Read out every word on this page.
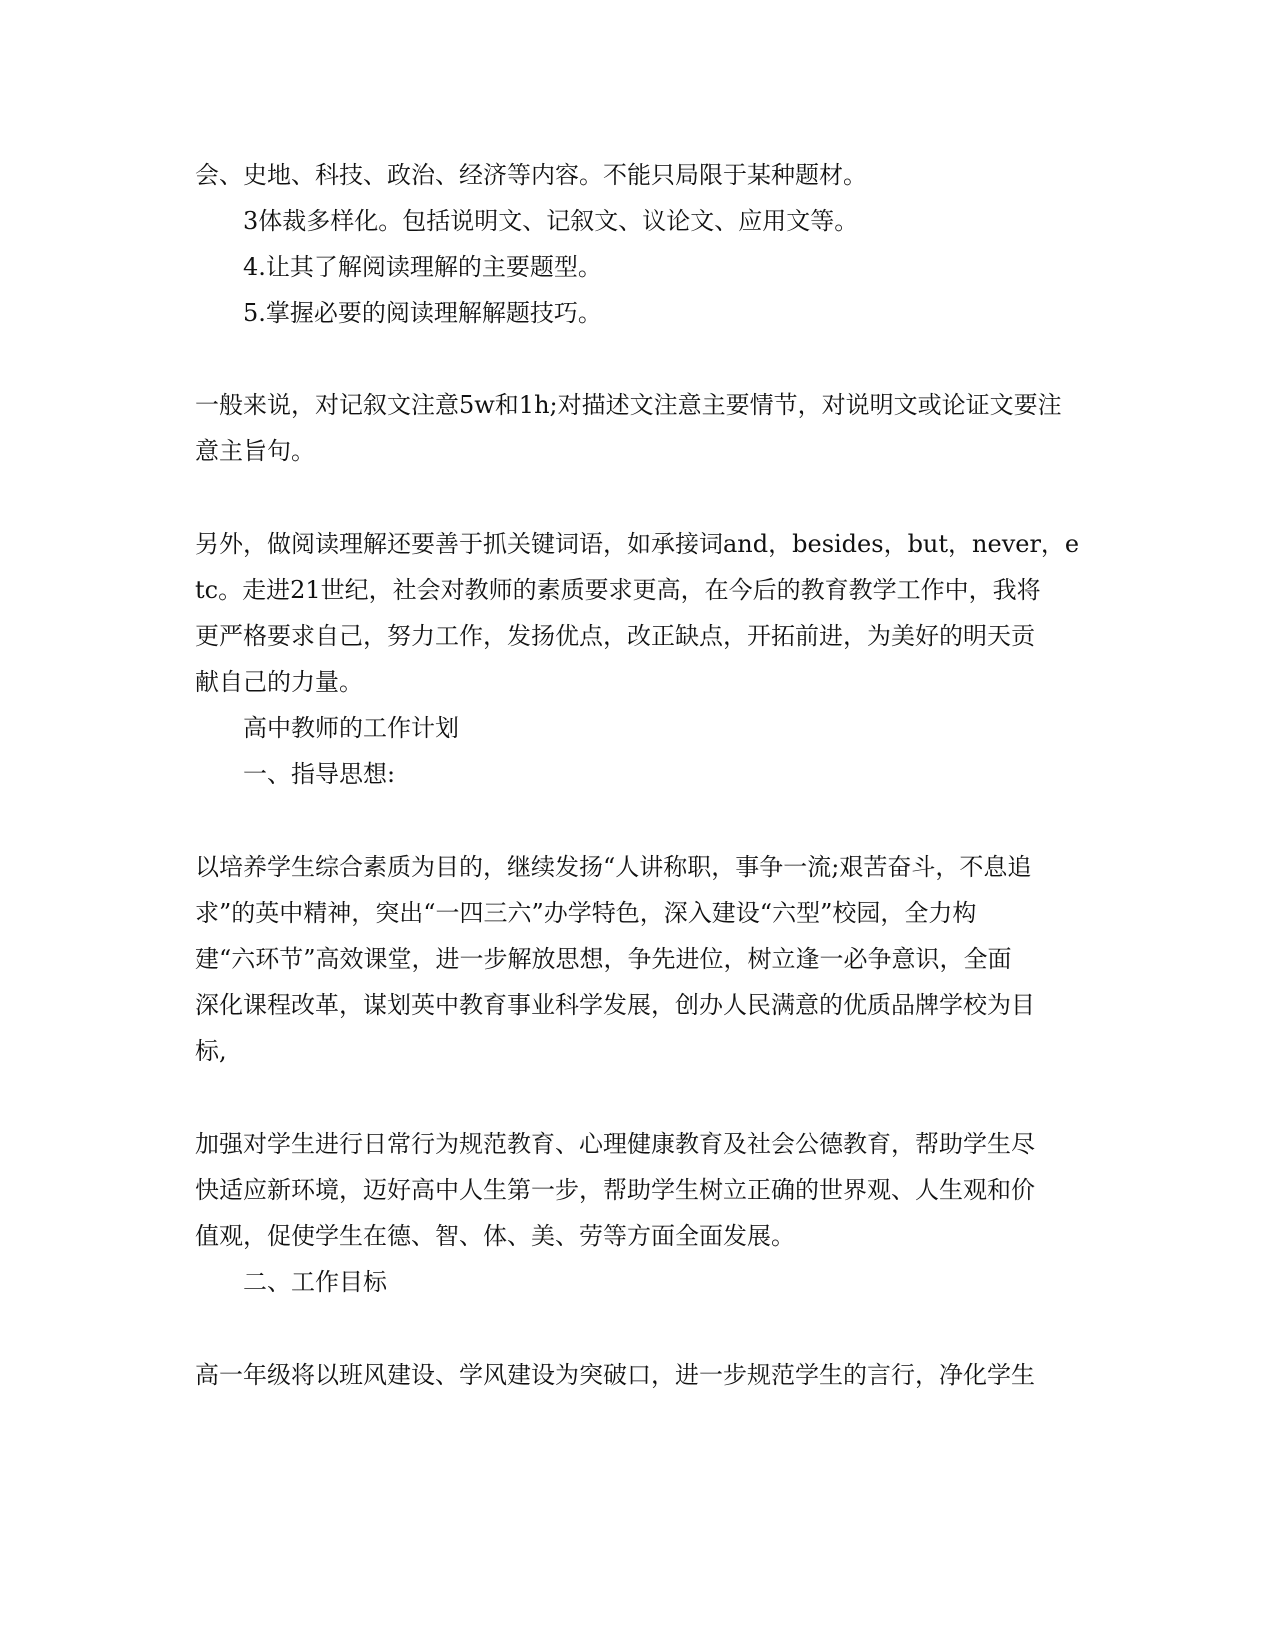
会、史地、科技、政治、经济等内容。不能只局限于某种题材。

3体裁多样化。包括说明文、记叙文、议论文、应用文等。

4.让其了解阅读理解的主要题型。

5.掌握必要的阅读理解解题技巧。

一般来说，对记叙文注意5w和1h;对描述文注意主要情节，对说明文或论证文要注

意主旨句。

另外，做阅读理解还要善于抓关键词语，如承接词and，besides，but，never，e

tc。走进21世纪，社会对教师的素质要求更高，在今后的教育教学工作中，我将

更严格要求自己，努力工作，发扬优点，改正缺点，开拓前进，为美好的明天贡

献自己的力量。

高中教师的工作计划

一、指导思想:

以培养学生综合素质为目的，继续发扬“人讲称职，事争一流;艰苦奋斗，不息追

求”的英中精神，突出“一四三六”办学特色，深入建设“六型”校园，全力构

建“六环节”高效课堂，进一步解放思想，争先进位，树立逢一必争意识，全面

深化课程改革，谋划英中教育事业科学发展，创办人民满意的优质品牌学校为目

标,

加强对学生进行日常行为规范教育、心理健康教育及社会公德教育，帮助学生尽

快适应新环境，迈好高中人生第一步，帮助学生树立正确的世界观、人生观和价

值观，促使学生在德、智、体、美、劳等方面全面发展。

二、工作目标

高一年级将以班风建设、学风建设为突破口，进一步规范学生的言行，净化学生
